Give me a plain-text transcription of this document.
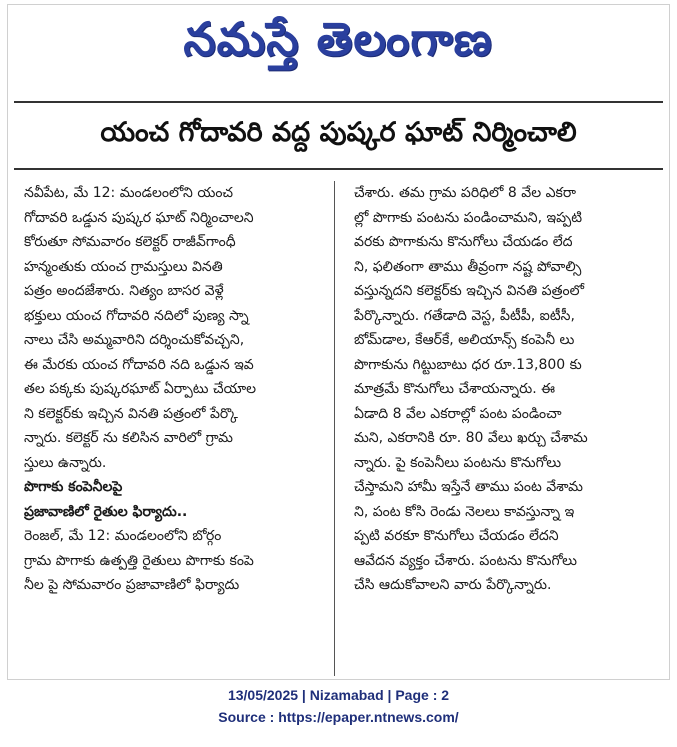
నమస్తే తెలంగాణ
యంచ గోదావరి వద్ద పుష్కర ఘాట్ నిర్మించాలి
నవీపేట, మే 12: మండలంలోని యంచ
గోదావరి ఒడ్డున పుష్కర ఘాట్ నిర్మించాలని
కోరుతూ సోమవారం కలెక్టర్ రాజీవ్‌గాంధీ
హన్మంతుకు యంచ గ్రామస్తులు వినతి
పత్రం అందజేశారు. నిత్యం బాసర వెళ్లే
భక్తులు యంచ గోదావరి నదిలో పుణ్య స్నా
నాలు చేసి అమ్మవారిని దర్శించుకోవచ్చని,
ఈ మేరకు యంచ గోదావరి నది ఒడ్డున ఇవ
తల పక్కకు పుష్కరఘాట్ ఏర్పాటు చేయాల
ని కలెక్టర్‌కు ఇచ్చిన వినతి పత్రంలో పేర్కొ
న్నారు. కలెక్టర్ ను కలిసిన వారిలో గ్రామ
స్తులు ఉన్నారు.
పొగాకు కంపెనీలపై
ప్రజావాణిలో రైతుల ఫిర్యాదు..
రెంజల్, మే 12: మండలంలోని బోర్గం
గ్రామ పొగాకు ఉత్పత్తి రైతులు పొగాకు కంపె
నీల పై సోమవారం ప్రజావాణిలో ఫిర్యాదు
చేశారు. తమ గ్రామ పరిధిలో 8 వేల ఎకరా
ల్లో పొగాకు పంటను పండించామని, ఇప్పటి
వరకు పొగాకును కొనుగోలు చేయడం లేద
ని, ఫలితంగా తాము తీవ్రంగా నష్ట పోవాల్సి
వస్తున్నదని కలెక్టర్‌కు ఇచ్చిన వినతి పత్రంలో
పేర్కొన్నారు. గతేడాది వెస్ట, పీటీపీ, ఐటీసీ,
బోమ్‌డాల, కేఆర్‌కే, అలియాన్స్ కంపెనీ లు
పొగాకును గిట్టుబాటు ధర రూ.13,800 కు
మాత్రమే కొనుగోలు చేశాయన్నారు. ఈ
ఏడాది 8 వేల ఎకరాల్లో పంట పండించా
మని, ఎకరానికి రూ. 80 వేలు ఖర్చు చేశామ
న్నారు. పై కంపెనీలు పంటను కొనుగోలు
చేస్తామని హామీ ఇస్తేనే తాము పంట వేశామ
ని, పంట కోసి రెండు నెలలు కావస్తున్నా ఇ
ప్పటి వరకూ కొనుగోలు చేయడం లేదని
ఆవేదన వ్యక్తం చేశారు. పంటను కొనుగోలు
చేసి ఆదుకోవాలని వారు పేర్కొన్నారు.
13/05/2025 | Nizamabad | Page : 2
Source : https://epaper.ntnews.com/
